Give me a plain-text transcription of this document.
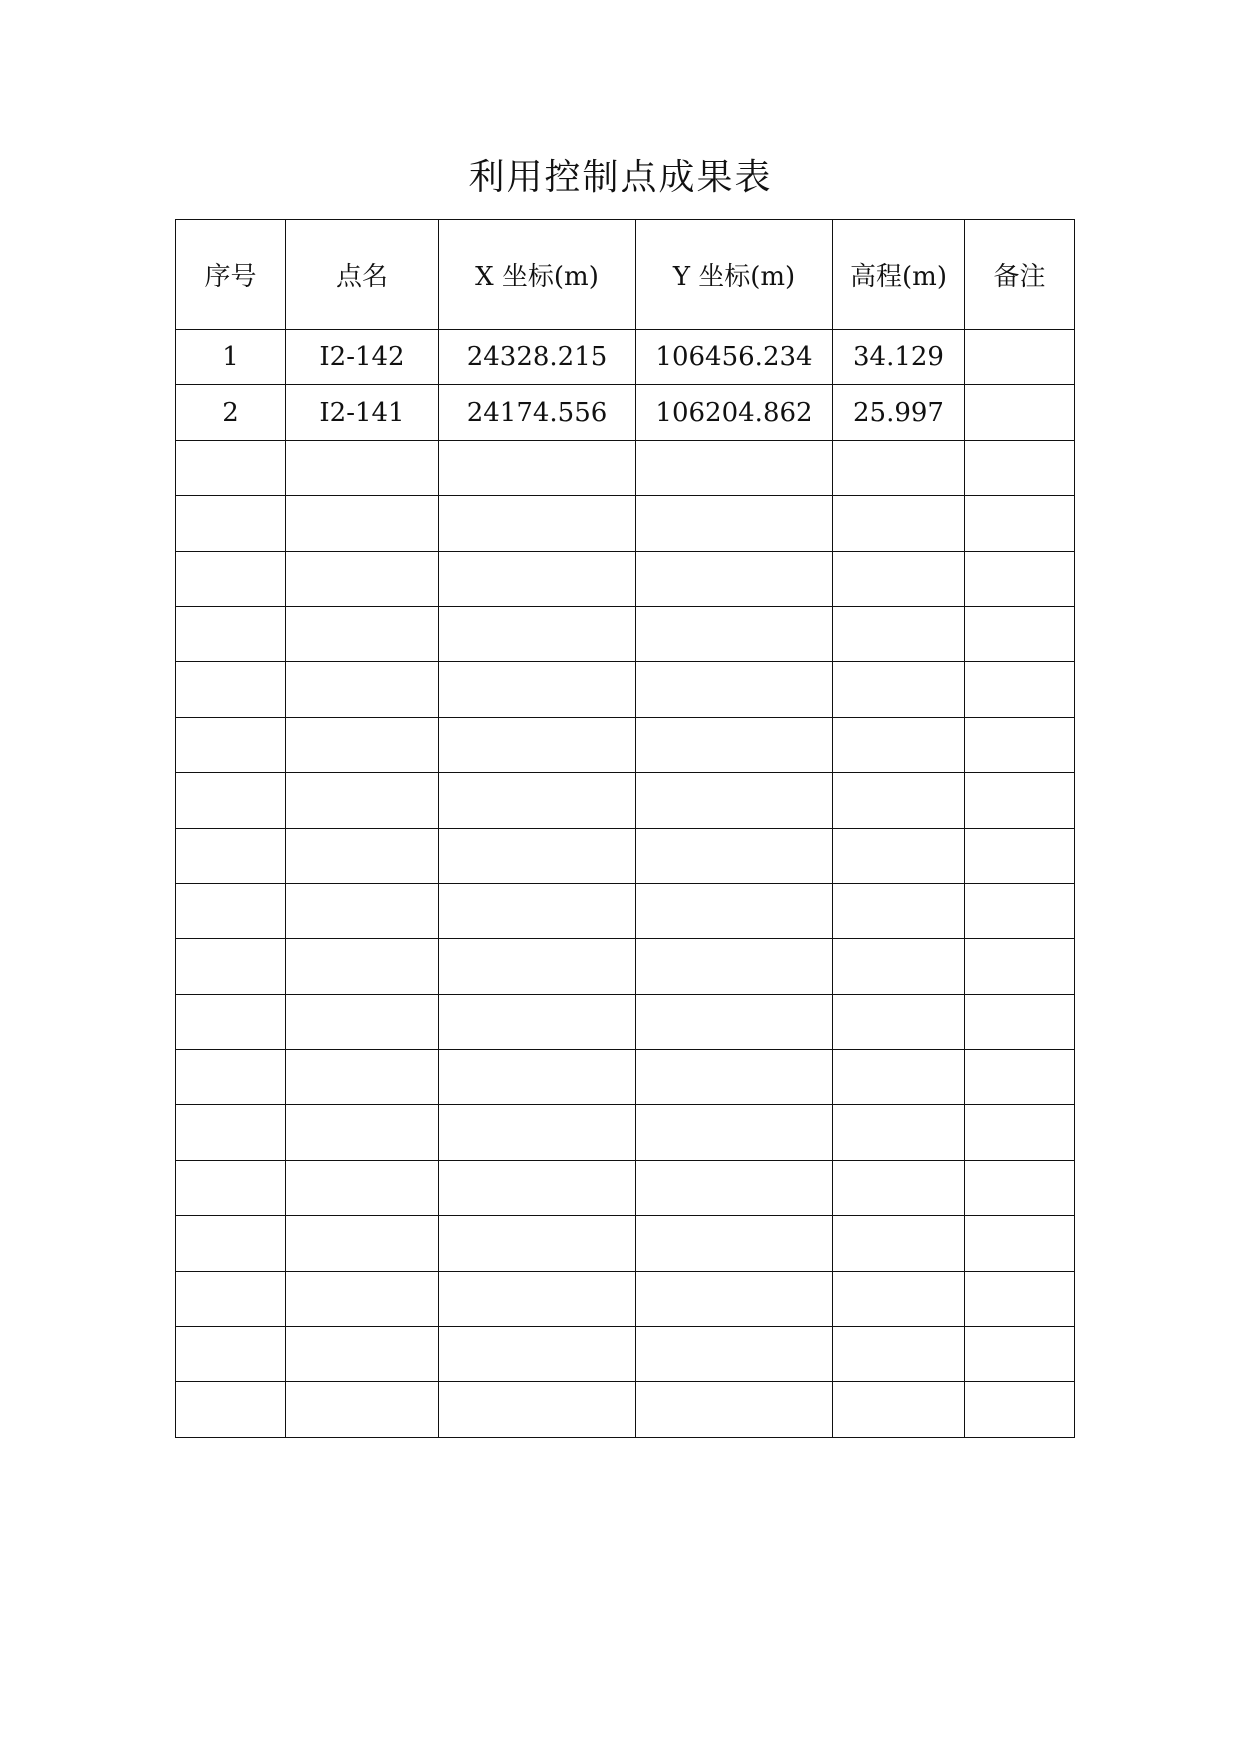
利用控制点成果表
序号	点名	X 坐标(m)	Y 坐标(m)	高程(m)	备注
1	I2-142	24328.215	106456.234	34.129	
2	I2-141	24174.556	106204.862	25.997	
